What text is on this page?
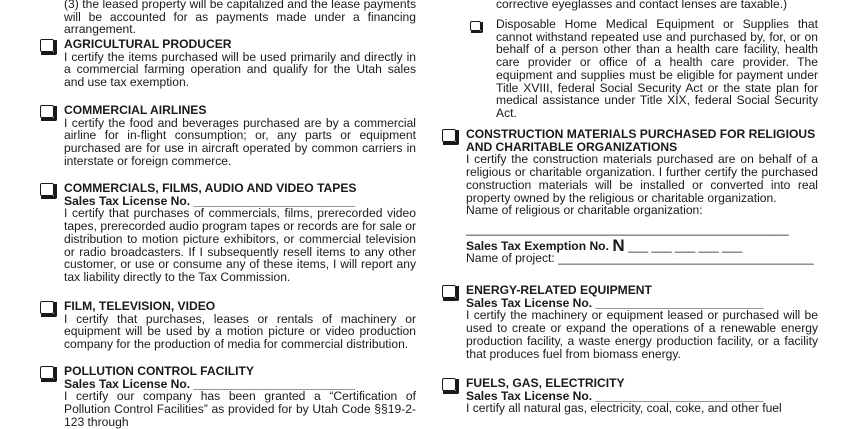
(3) the leased property will be capitalized and the lease payments will be accounted for as payments made under a financing arrangement.
AGRICULTURAL PRODUCER
I certify the items purchased will be used primarily and directly in a commercial farming operation and qualify for the Utah sales and use tax exemption.
COMMERCIAL AIRLINES
I certify the food and beverages purchased are by a commercial airline for in-flight consumption; or, any parts or equipment purchased are for use in aircraft operated by common carriers in interstate or foreign commerce.
COMMERCIALS, FILMS, AUDIO AND VIDEO TAPES
Sales Tax License No. ________________________
I certify that purchases of commercials, films, prerecorded video tapes, prerecorded audio program tapes or records are for sale or distribution to motion picture exhibitors, or commercial television or radio broadcasters. If I subsequently resell items to any other customer, or use or consume any of these items, I will report any tax liability directly to the Tax Commission.
FILM, TELEVISION, VIDEO
I certify that purchases, leases or rentals of machinery or equipment will be used by a motion picture or video production company for the production of media for commercial distribution.
POLLUTION CONTROL FACILITY
Sales Tax License No. ________________________
I certify our company has been granted a “Certification of Pollution Control Facilities” as provided for by Utah Code §§19-2-123 through
corrective eyeglasses and contact lenses are taxable.)
Disposable Home Medical Equipment or Supplies that cannot withstand repeated use and purchased by, for, or on behalf of a person other than a health care facility, health care provider or office of a health care provider. The equipment and supplies must be eligible for payment under Title XVIII, federal Social Security Act or the state plan for medical assistance under Title XIX, federal Social Security Act.
CONSTRUCTION MATERIALS PURCHASED FOR RELIGIOUS AND CHARITABLE ORGANIZATIONS
I certify the construction materials purchased are on behalf of a religious or charitable organization. I further certify the purchased construction materials will be installed or converted into real property owned by the religious or charitable organization.
Name of religious or charitable organization:
________________________________________________
Sales Tax Exemption No. N ___ ___ ___ ___ ___
Name of project: ______________________________________
ENERGY-RELATED EQUIPMENT
Sales Tax License No. _________________________
I certify the machinery or equipment leased or purchased will be used to create or expand the operations of a renewable energy production facility, a waste energy production facility, or a facility that produces fuel from biomass energy.
FUELS, GAS, ELECTRICITY
Sales Tax License No. _________________________
I certify all natural gas, electricity, coal, coke, and other fuel
